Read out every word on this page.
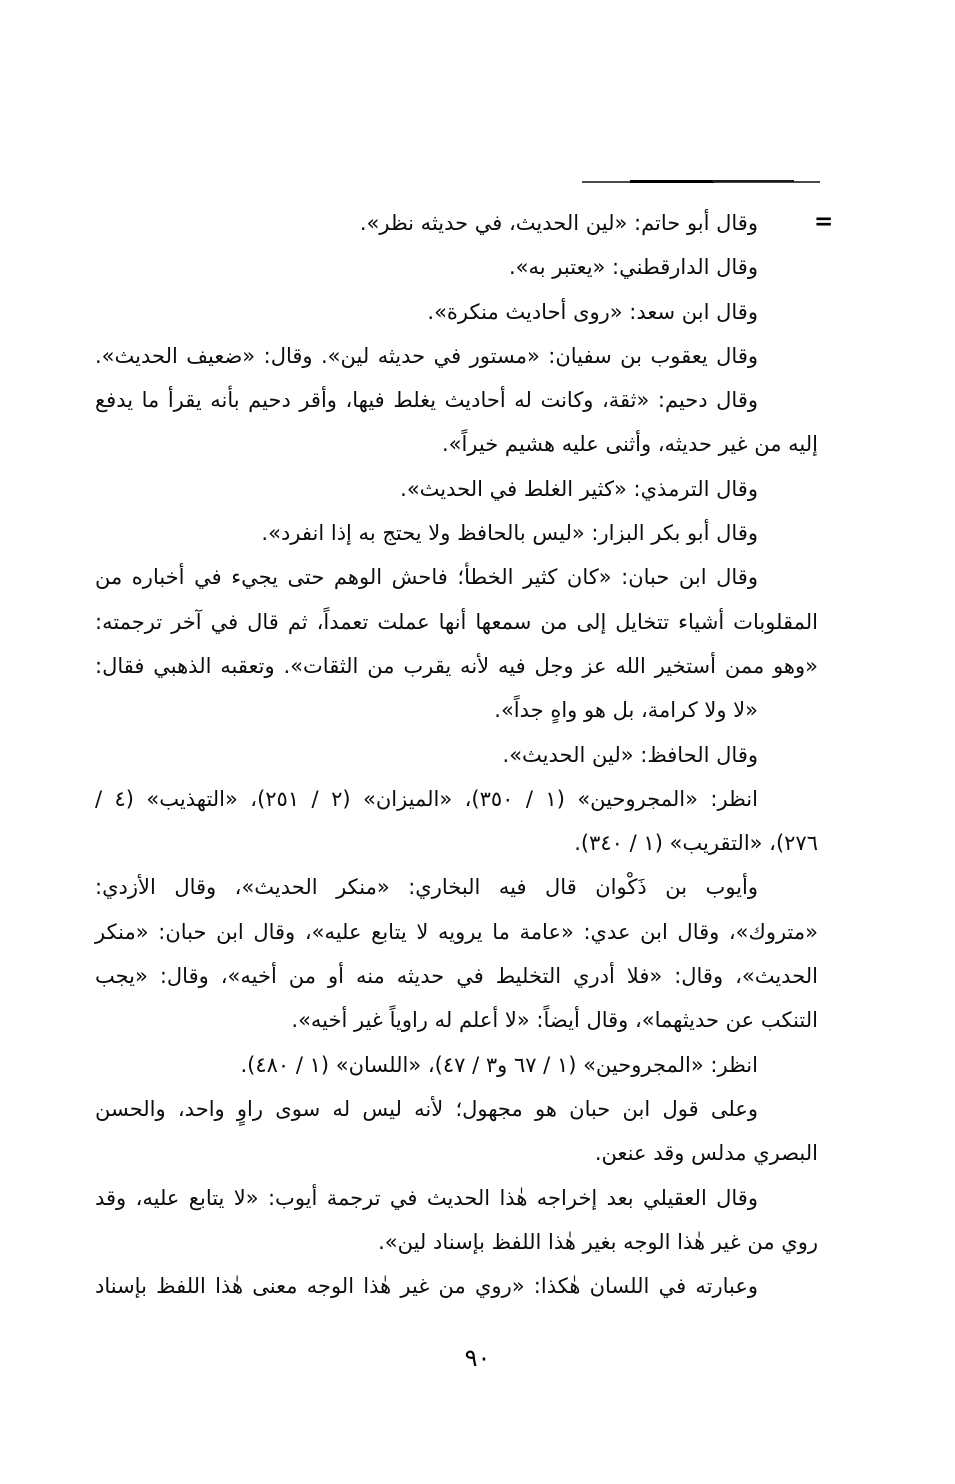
=
وقال أبو حاتم: «لين الحديث، في حديثه نظر».
وقال الدارقطني: «يعتبر به».
وقال ابن سعد: «روى أحاديث منكرة».
وقال يعقوب بن سفيان: «مستور في حديثه لين». وقال: «ضعيف الحديث».
وقال دحيم: «ثقة، وكانت له أحاديث يغلط فيها، وأقر دحيم بأنه يقرأ ما يدفع
إليه من غير حديثه، وأثنى عليه هشيم خيراً».
وقال الترمذي: «كثير الغلط في الحديث».
وقال أبو بكر البزار: «ليس بالحافظ ولا يحتج به إذا انفرد».
وقال ابن حبان: «كان كثير الخطأ؛ فاحش الوهم حتى يجيء في أخباره من
المقلوبات أشياء تتخايل إلى من سمعها أنها عملت تعمداً، ثم قال في آخر ترجمته:
«وهو ممن أستخير الله عز وجل فيه لأنه يقرب من الثقات». وتعقبه الذهبي فقال:
«لا ولا كرامة، بل هو واهٍ جداً».
وقال الحافظ: «لين الحديث».
انظر: «المجروحين» (١ / ٣٥٠)، «الميزان» (٢ / ٢٥١)، «التهذيب» (٤ /
٢٧٦)، «التقريب» (١ / ٣٤٠).
وأيوب بن ذَكْوان قال فيه البخاري: «منكر الحديث»، وقال الأزدي:
«متروك»، وقال ابن عدي: «عامة ما يرويه لا يتابع عليه»، وقال ابن حبان: «منكر
الحديث»، وقال: «فلا أدري التخليط في حديثه منه أو من أخيه»، وقال: «يجب
التنكب عن حديثهما»، وقال أيضاً: «لا أعلم له راوياً غير أخيه».
انظر: «المجروحين» (١ / ٦٧ و٣ / ٤٧)، «اللسان» (١ / ٤٨٠).
وعلى قول ابن حبان هو مجهول؛ لأنه ليس له سوى راوٍ واحد، والحسن
البصري مدلس وقد عنعن.
وقال العقيلي بعد إخراجه هٰذا الحديث في ترجمة أيوب: «لا يتابع عليه، وقد
روي من غير هٰذا الوجه بغير هٰذا اللفظ بإسناد لين».
وعبارته في اللسان هٰكذا: «روي من غير هٰذا الوجه معنى هٰذا اللفظ بإسناد
٩٠
